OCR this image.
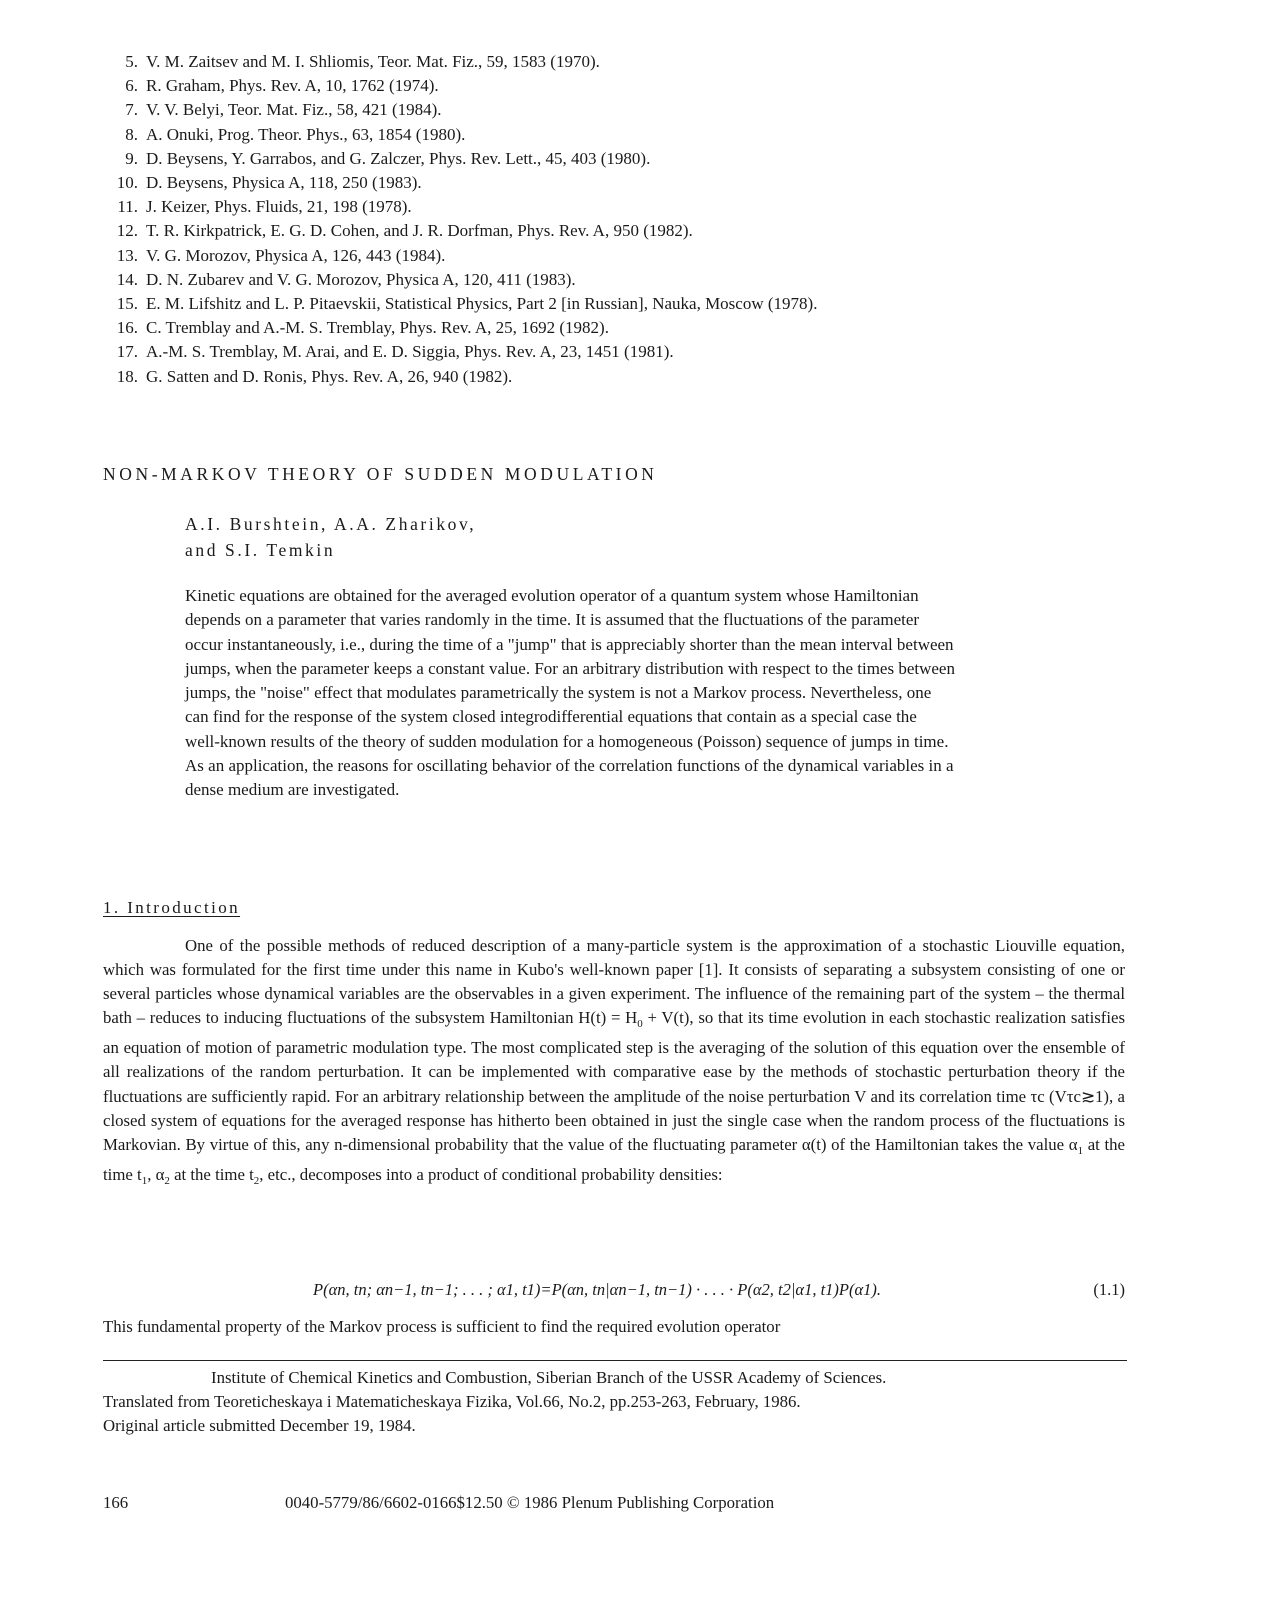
5. V. M. Zaitsev and M. I. Shliomis, Teor. Mat. Fiz., 59, 1583 (1970).
6. R. Graham, Phys. Rev. A, 10, 1762 (1974).
7. V. V. Belyi, Teor. Mat. Fiz., 58, 421 (1984).
8. A. Onuki, Prog. Theor. Phys., 63, 1854 (1980).
9. D. Beysens, Y. Garrabos, and G. Zalczer, Phys. Rev. Lett., 45, 403 (1980).
10. D. Beysens, Physica A, 118, 250 (1983).
11. J. Keizer, Phys. Fluids, 21, 198 (1978).
12. T. R. Kirkpatrick, E. G. D. Cohen, and J. R. Dorfman, Phys. Rev. A, 950 (1982).
13. V. G. Morozov, Physica A, 126, 443 (1984).
14. D. N. Zubarev and V. G. Morozov, Physica A, 120, 411 (1983).
15. E. M. Lifshitz and L. P. Pitaevskii, Statistical Physics, Part 2 [in Russian], Nauka, Moscow (1978).
16. C. Tremblay and A.-M. S. Tremblay, Phys. Rev. A, 25, 1692 (1982).
17. A.-M. S. Tremblay, M. Arai, and E. D. Siggia, Phys. Rev. A, 23, 1451 (1981).
18. G. Satten and D. Ronis, Phys. Rev. A, 26, 940 (1982).
NON-MARKOV THEORY OF SUDDEN MODULATION
A.I. Burshtein, A.A. Zharikov,
and S.I. Temkin

Kinetic equations are obtained for the averaged evolution operator of a quantum system whose Hamiltonian depends on a parameter that varies randomly in the time. It is assumed that the fluctuations of the parameter occur instantaneously, i.e., during the time of a "jump" that is appreciably shorter than the mean interval between jumps, when the parameter keeps a constant value. For an arbitrary distribution with respect to the times between jumps, the "noise" effect that modulates parametrically the system is not a Markov process. Nevertheless, one can find for the response of the system closed integrodifferential equations that contain as a special case the well-known results of the theory of sudden modulation for a homogeneous (Poisson) sequence of jumps in time. As an application, the reasons for oscillating behavior of the correlation functions of the dynamical variables in a dense medium are investigated.

1. Introduction

One of the possible methods of reduced description of a many-particle system is the approximation of a stochastic Liouville equation, which was formulated for the first time under this name in Kubo's well-known paper [1]. It consists of separating a subsystem consisting of one or several particles whose dynamical variables are the observables in a given experiment. The influence of the remaining part of the system – the thermal bath – reduces to inducing fluctuations of the subsystem Hamiltonian $H(t) = H_0 + V(t)$, so that its time evolution in each stochastic realization satisfies an equation of motion of parametric modulation type. The most complicated step is the averaging of the solution of this equation over the ensemble of all realizations of the random perturbation. It can be implemented with comparative ease by the methods of stochastic perturbation theory if the fluctuations are sufficiently rapid. For an arbitrary relationship between the amplitude of the noise perturbation V and its correlation time τc (Vτc≳1), a closed system of equations for the averaged response has hitherto been obtained in just the single case when the random process of the fluctuations is Markovian. By virtue of this, any n-dimensional probability that the value of the fluctuating parameter α(t) of the Hamiltonian takes the value $\alpha_1$ at the time $t_1$, $\alpha_2$ at the time $t_2$, etc., decomposes into a product of conditional probability densities:

P(αn, tn; αn−1, tn−1; . . . ; α1, t1)=P(αn, tn|αn−1, tn−1) · . . . · P(α2, t2|α1, t1)P(α1).	(1.1)
This fundamental property of the Markov process is sufficient to find the required evolution operator
Institute of Chemical Kinetics and Combustion, Siberian Branch of the USSR Academy of Sciences.
Translated from Teoreticheskaya i Matematicheskaya Fizika, Vol.66, No.2, pp.253-263, February, 1986.
Original article submitted December 19, 1984.
166	0040-5779/86/6602-0166$12.50 © 1986 Plenum Publishing Corporation
